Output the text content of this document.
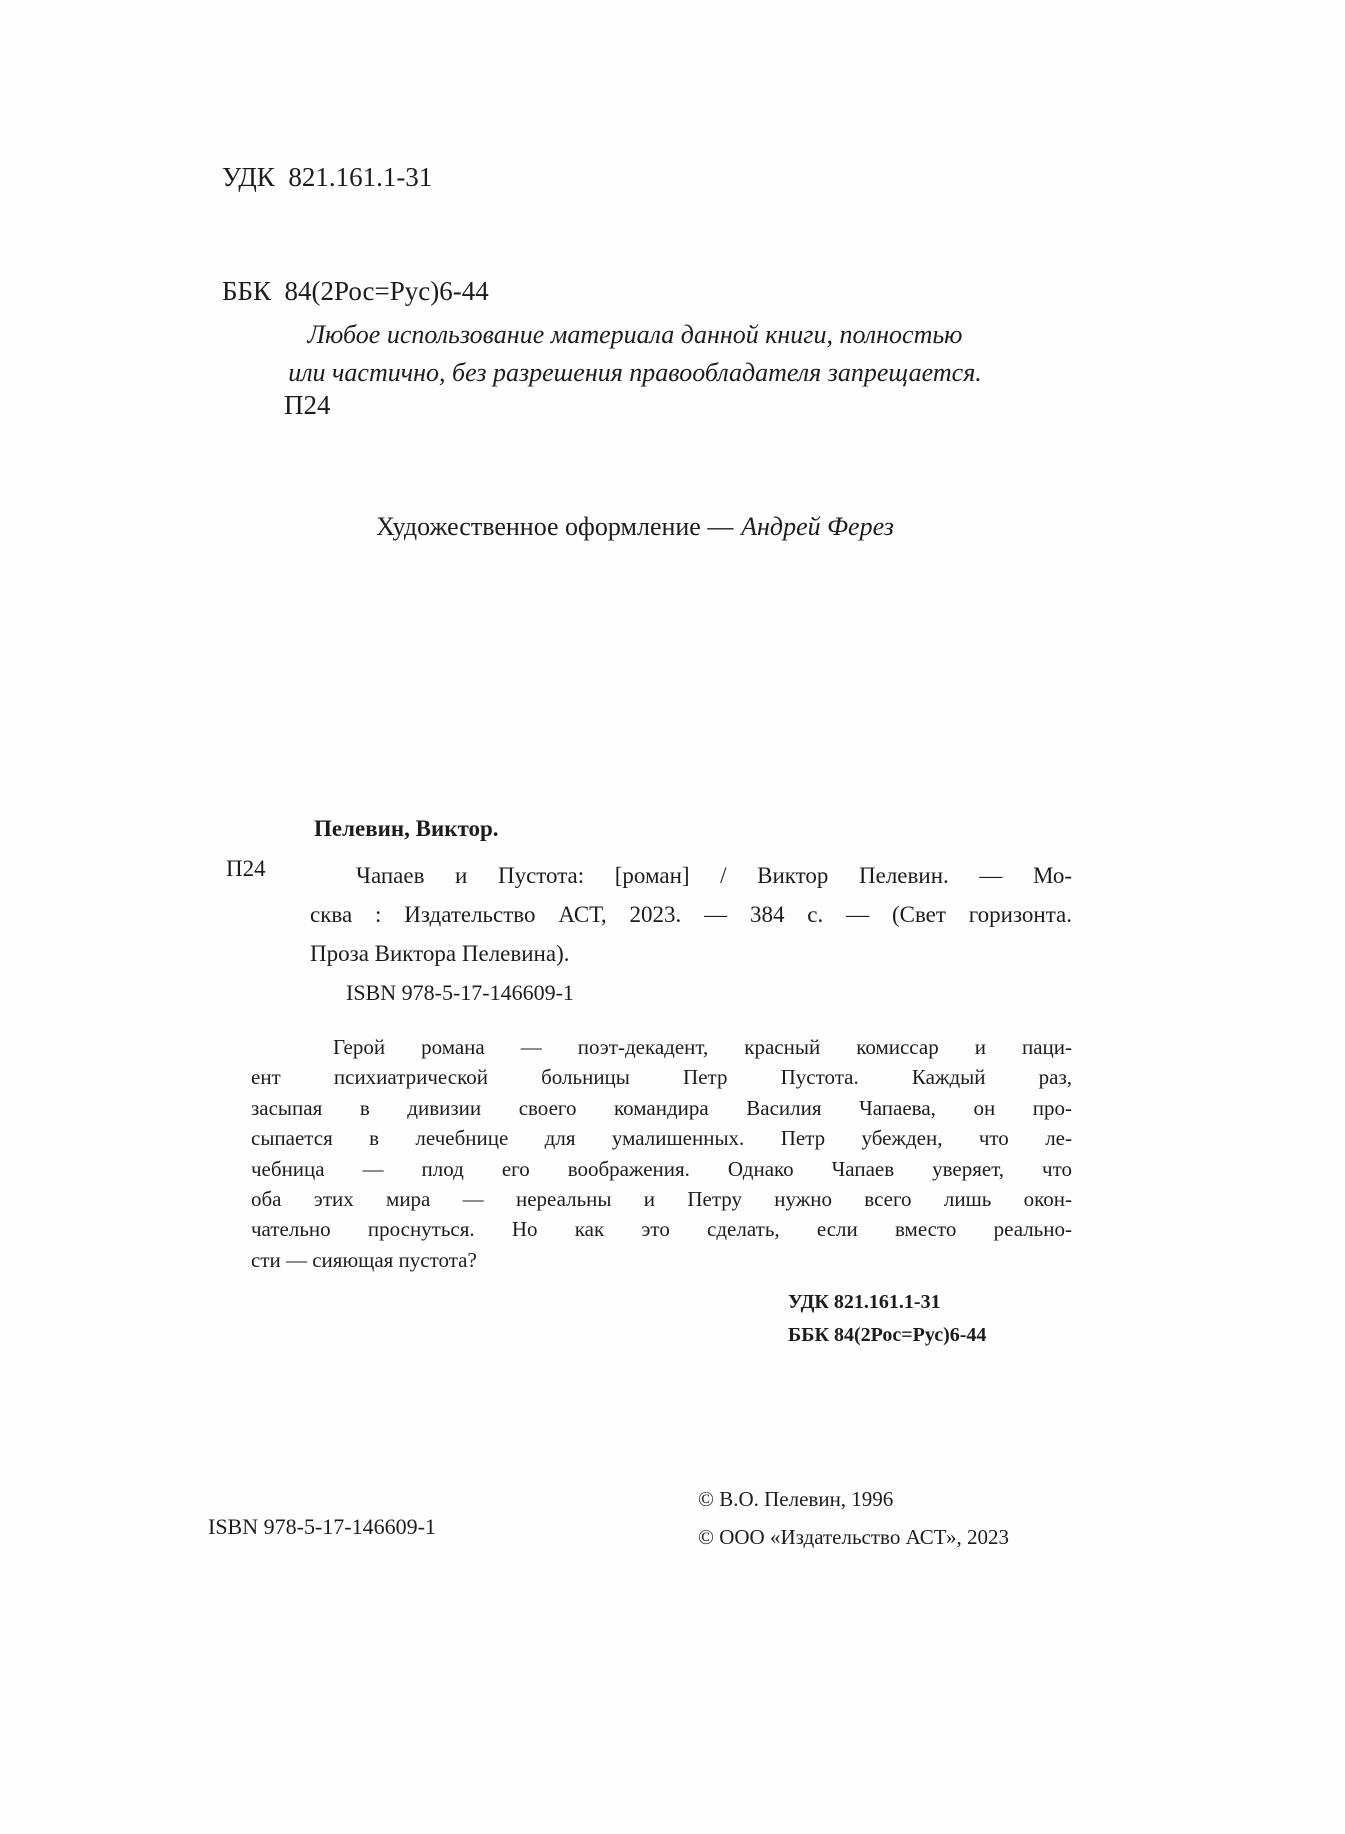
УДК  821.161.1-31

ББК  84(2Рос=Рус)6-44

П24

Любое использование материала данной книги, полностью
или частично, без разрешения правообладателя запрещается.
Художественное оформление — Андрей Ферез
Пелевин, Виктор.
П24	Чапаев и Пустота: [роман] / Виктор Пелевин. — Мо-
сква : Издательство АСТ, 2023. — 384 с. — (Свет горизонта.
Проза Виктора Пелевина).
ISBN 978-5-17-146609-1
Герой романа — поэт-декадент, красный комиссар и паци-
ент психиатрической больницы Петр Пустота. Каждый раз,
засыпая в дивизии своего командира Василия Чапаева, он про-
сыпается в лечебнице для умалишенных. Петр убежден, что ле-
чебница — плод его воображения. Однако Чапаев уверяет, что
оба этих мира — нереальны и Петру нужно всего лишь окон-
чательно проснуться. Но как это сделать, если вместо реально-
сти — сияющая пустота?
УДК 821.161.1-31
ББК 84(2Рос=Рус)6-44
ISBN 978-5-17-146609-1
© В.О. Пелевин, 1996
© ООО «Издательство АСТ», 2023
